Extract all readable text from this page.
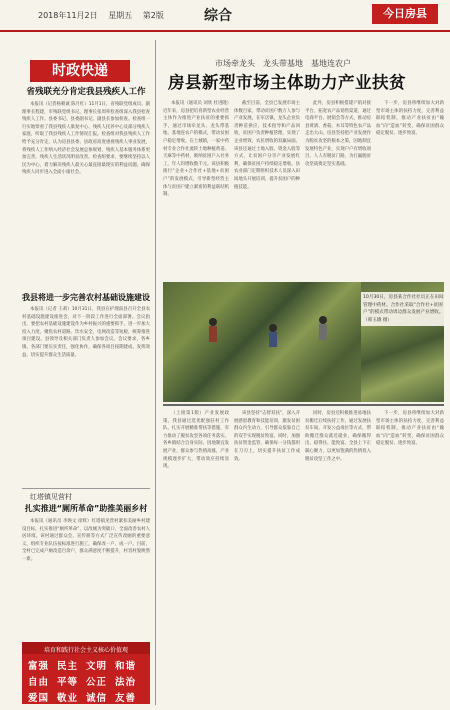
2018年11月2日　 星期五　 第2版	综合	今日房县
时政快递
省残联充分肯定我县残疾人工作

本报讯（记者杨朝诚 陈月红）11月1日，省残联党组成员、副理事长程建，市残联党组书记、理事长张周率检查组深入我县检查残疾人工作。县委书记、县委副书记、副县长参加检查。检查组一行实地察看了我县残疾人康复中心、残疾人托养中心及部分残疾人家庭，听取了我县残疾人工作情况汇报。检查组对我县残疾人工作给予充分肯定，认为房县县委、县政府高度重视残疾人事业发展，将残疾人工作纳入经济社会发展总体规划，残疾人基本服务体系更加完善，残疾人生活状况明显改善。检查组要求，要继续坚持以人民为中心，着力解决残疾人最关心最直接最现实的利益问题，确保残疾人同步进入全面小康社会。

我县将进一步完善农村基础设施建设

本报讯（记者 王莉）10月31日，我县在护理南县召开全县农村基础设施建设推进会，对下一阶段工作进行全面部署。会议指出，要把农村基础设施建设作为乡村振兴的重要抓手，进一步加大投入力度，聚焦农村道路、饮水安全、电网改造等短板，统筹推进项目建设。县领导及相关部门负责人参加会议。会议要求，各乡镇、各部门要压实责任，强化协作，确保各项目按期建成、发挥效益，切实提升群众生活质量。

红塔镇见营村
扎实推进“厕所革命”助推美丽乡村

本报讯（通讯员 李焕文 徐辉）红塔镇见营村紧扣美丽乡村建设目标，扎实推进“厕所革命”，以改厕为突破口，全面改善农村人居环境。该村通过群众会、宣传册等方式广泛宣传改厕的重要意义，组织专业队伍按标准进行施工，确保改一户、成一户。目前，全村已完成户厕改造百余户，群众满意度不断提升，村容村貌焕然一新。

培育和践行社会主义核心价值观
富强 民主 文明 和谐
自由 平等 公正 法治
爱国 敬业 诚信 友善
市场牵龙头　龙头带基地　基地连农户
房县新型市场主体助力产业扶贫

本报讯（通讯员 刘欣 杜进隆）近年来，房县把培育新型农业经营主体作为推进产业扶贫的重要抓手，通过市场牵龙头、龙头带基地、基地连农户的模式，带动贫困户稳定增收。在土城镇，一家中药材专业合作社流转土地种植黄姜、天麻等中药材，吸纳贫困户入社务工，年人均增收数千元。该县积极推行“企业+合作社+基地+贫困户”的发展模式，引导新型经营主体与贫困户建立紧密的利益联结机制。

截至目前，全县已发展市场主体数百家，带动贫困户数万人参与产业发展。在军店镇，龙头企业负责种苗供应、技术指导和产品回收，贫困户负责种植管理，实现了企业增效、农民增收的双赢局面。该县还通过土地入股、资金入股等方式，让贫困户分享产业发展红利，确保贫困户持续稳定增收。县农业部门定期组织技术人员深入田间地头开展培训，提升贫困户的种植技能。

此外，房县积极搭建产销对接平台，拓宽农产品销售渠道，通过电商平台、展销会等方式，推动房县黄酒、香菇、木耳等特色农产品走出大山。房县坚持把产业发展作为脱贫攻坚的根本之策，因地制宜发展特色产业，实现户户有增收项目、人人有脱贫门路，为打赢脱贫攻坚战奠定坚实基础。

下一步，房县将继续加大对新型市场主体的扶持力度，完善利益联结机制，推动产业扶贫由“输血”向“造血”转变，确保贫困群众稳定脱贫、逐步致富。

10月30日，房县某合作社社员正在田间管理中药材。合作社采取“合作社+贫困户”的模式带动周边群众发展产业增收。（邢玉娥 摄）

（上接第1版）产业发展政策，我县通过选优配强驻村工作队、扎实开展精准帮扶等措施，有力推动了脱贫攻坚各项任务落实。各乡镇结合自身实际，因地制宜发展产业，群众参与热情高涨，产业规模逐步扩大，带动效应持续显现。

该县坚持“志智双扶”，深入开展感恩教育和技能培训，激发贫困群众内生动力，引导群众依靠自己的双手实现脱贫致富。同时，加强扶贫资金监管，确保每一分钱都用在刀刃上，切实提升扶贫工作成效。

同时，房县还积极推进易地扶贫搬迁后续扶持工作，通过发展扶贫车间、开发公益岗位等方式，帮助搬迁群众就近就业，确保搬得出、稳得住、能致富。全县上下正凝心聚力，以更加饱满的热情投入脱贫攻坚工作之中。

下一步，房县将继续加大对新型市场主体的扶持力度，完善利益联结机制，推动产业扶贫由“输血”向“造血”转变，确保贫困群众稳定脱贫、逐步致富。
